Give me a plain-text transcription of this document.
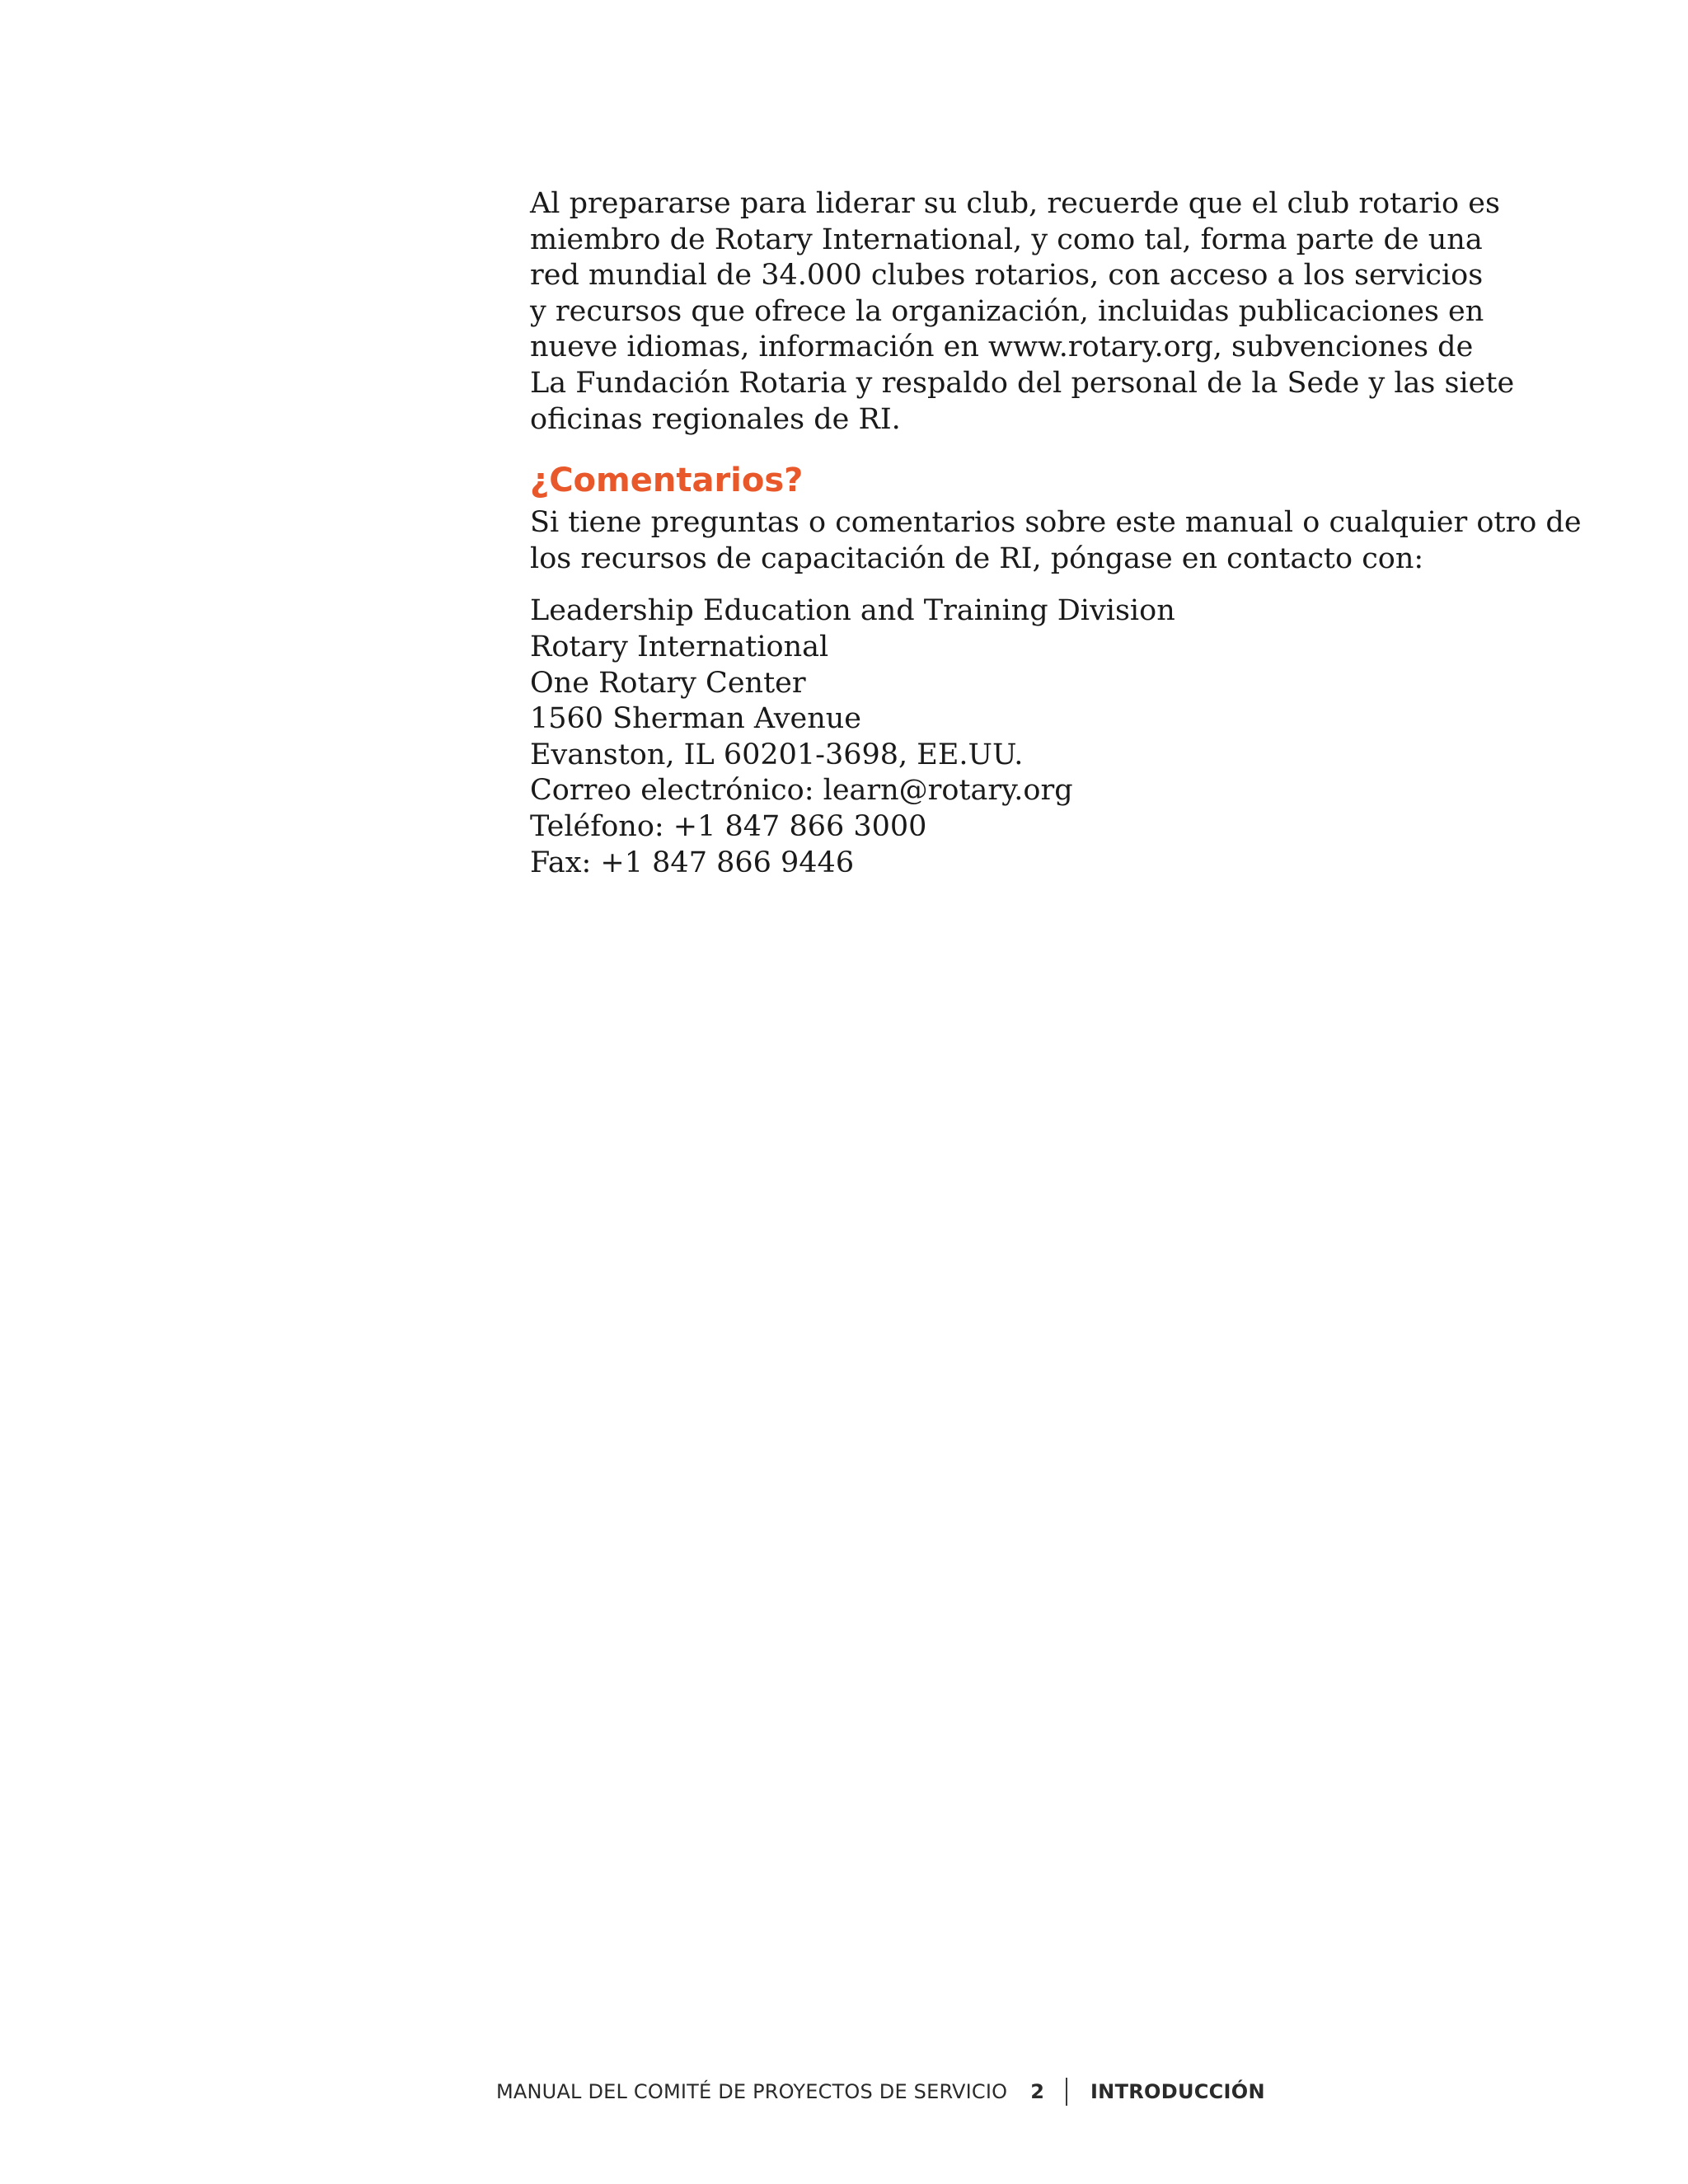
Al prepararse para liderar su club, recuerde que el club rotario es
miembro de Rotary International, y como tal, forma parte de una
red mundial de 34.000 clubes rotarios, con acceso a los servicios
y recursos que ofrece la organización, incluidas publicaciones en
nueve idiomas, información en www.rotary.org, subvenciones de
La Fundación Rotaria y respaldo del personal de la Sede y las siete
oficinas regionales de RI.

¿Comentarios?

Si tiene preguntas o comentarios sobre este manual o cualquier otro de
los recursos de capacitación de RI, póngase en contacto con:

Leadership Education and Training Division
Rotary International
One Rotary Center
1560 Sherman Avenue
Evanston, IL 60201-3698, EE.UU.
Correo electrónico: learn@rotary.org
Teléfono: +1 847 866 3000
Fax: +1 847 866 9446

MANUAL DEL COMITÉ DE PROYECTOS DE SERVICIO 2 INTRODUCCIÓN
